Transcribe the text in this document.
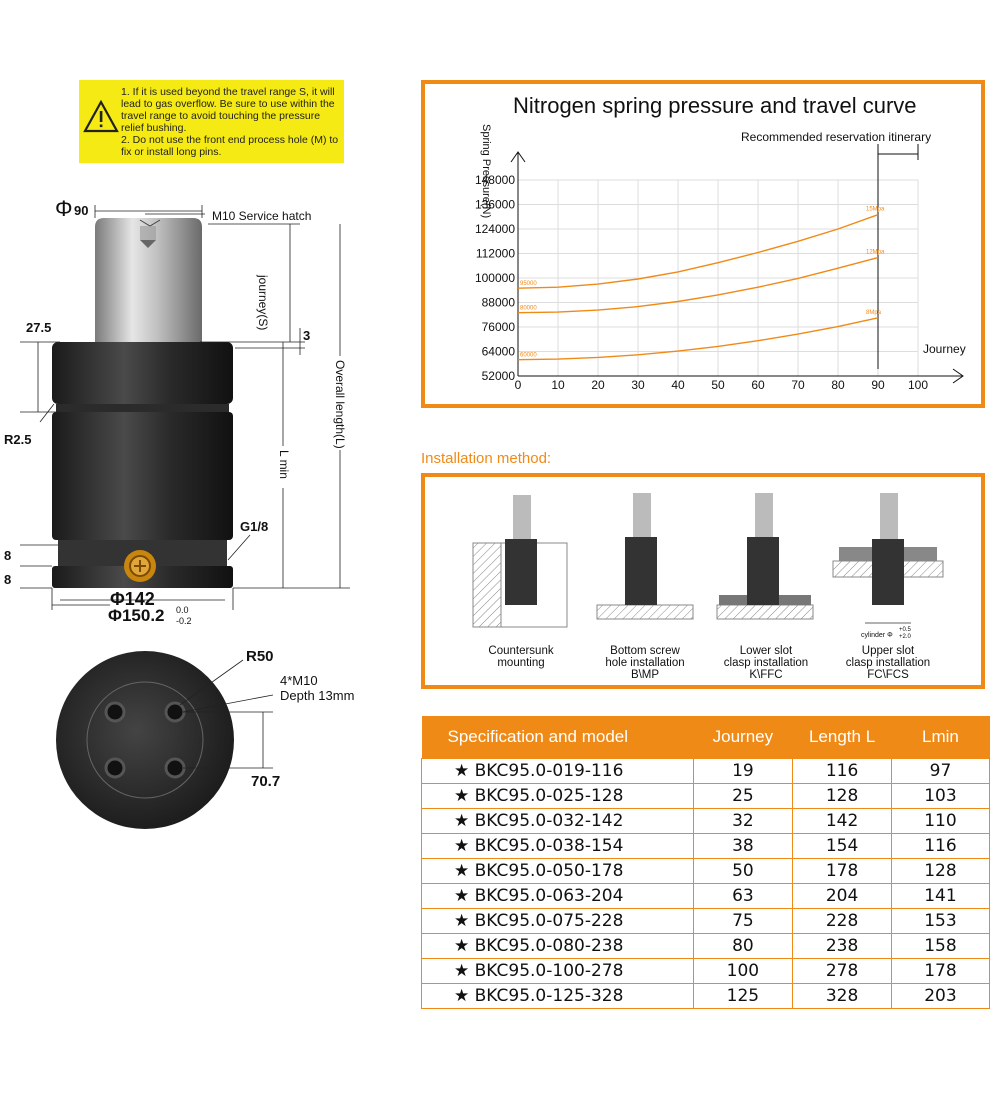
1. If it is used beyond the travel range S, it will lead to gas overflow. Be sure to use within the travel range to avoid touching the pressure relief bushing.
2. Do not use the front end process hole (M) to fix or install long pins.
Φ 90	M10 Service hatch
journey(S)
27.5
3
Overall length(L)
L min
R2.5
G1/8
8
8
Φ142
Φ150.2 0.0
-0.2
R50
4*M10
Depth 13mm
70.7
Nitrogen spring pressure and travel curve
Recommended reservation itinerary
0 10 20 30 40 50 60 70 80 90 100
52000
64000
76000
88000
100000
112000
124000
136000
148000
Journey
Spring Pressure(N)	15Mpa
95000
12Mpa
80000
8Mpa
60000
Installation method:
Countersunk
mounting
Bottom screw
hole installation
B\MP
Lower slot
clasp installation
K\FFC
Upper slot
clasp installation
FC\FCS
cylinder Φ
+0.5
+2.0
Specification and model	Journey	Length L	Lmin
★ BKC95.0-019-116	19	116	97
★ BKC95.0-025-128	25	128	103
★ BKC95.0-032-142	32	142	110
★ BKC95.0-038-154	38	154	116
★ BKC95.0-050-178	50	178	128
★ BKC95.0-063-204	63	204	141
★ BKC95.0-075-228	75	228	153
★ BKC95.0-080-238	80	238	158
★ BKC95.0-100-278	100	278	178
★ BKC95.0-125-328	125	328	203
